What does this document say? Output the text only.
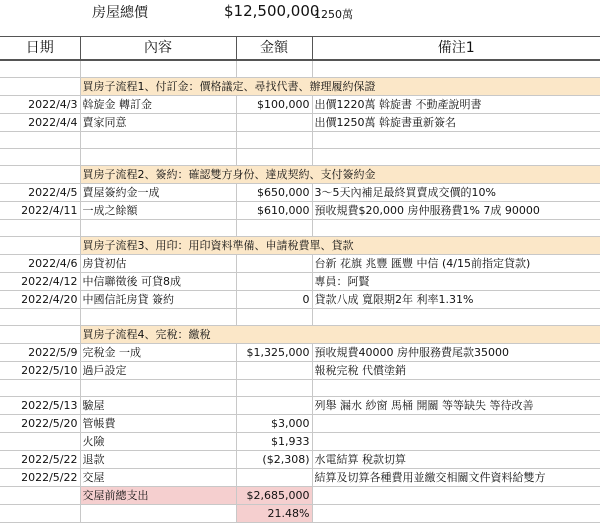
房屋總價	$12,500,000
1250萬
日期	內容	金額	備注1

	買房子流程1、付訂金：價格議定、尋找代書、辦理履約保證		
2022/4/3	斡旋金 轉訂金	$100,000	出價1220萬 斡旋書 不動產說明書
2022/4/4	賣家同意		出價1250萬 斡旋書重新簽名

	買房子流程2、簽約：確認雙方身份、達成契約、支付簽約金		
2022/4/5	賣屋簽約金一成	$650,000	3～5天內補足最終買賣成交價的10%
2022/4/11	一成之餘額	$610,000	預收規費$20,000 房仲服務費1% 7成 90000

	買房子流程3、用印：用印資料準備、申請稅費單、貸款		
2022/4/6	房貸初估		台新 花旗 兆豐 匯豐 中信 (4/15前指定貸款)
2022/4/12	中信聯徵後 可貸8成		專員：阿賢
2022/4/20	中國信託房貸 簽約	0	貸款八成 寬限期2年 利率1.31%

	買房子流程4、完稅：繳稅		
2022/5/9	完稅金 一成	$1,325,000	預收規費40000 房仲服務費尾款35000
2022/5/10	過戶設定		報稅完稅 代償塗銷

2022/5/13	驗屋		列舉 漏水 紗窗 馬桶 開關 等等缺失 等待改善
2022/5/20	管帳費	$3,000	
	火險	$1,933	
2022/5/22	退款	($2,308)	水電結算 稅款切算
2022/5/22	交屋		結算及切算各種費用並繳交相關文件資料給雙方
	交屋前總支出	$2,685,000	
		21.48%	
